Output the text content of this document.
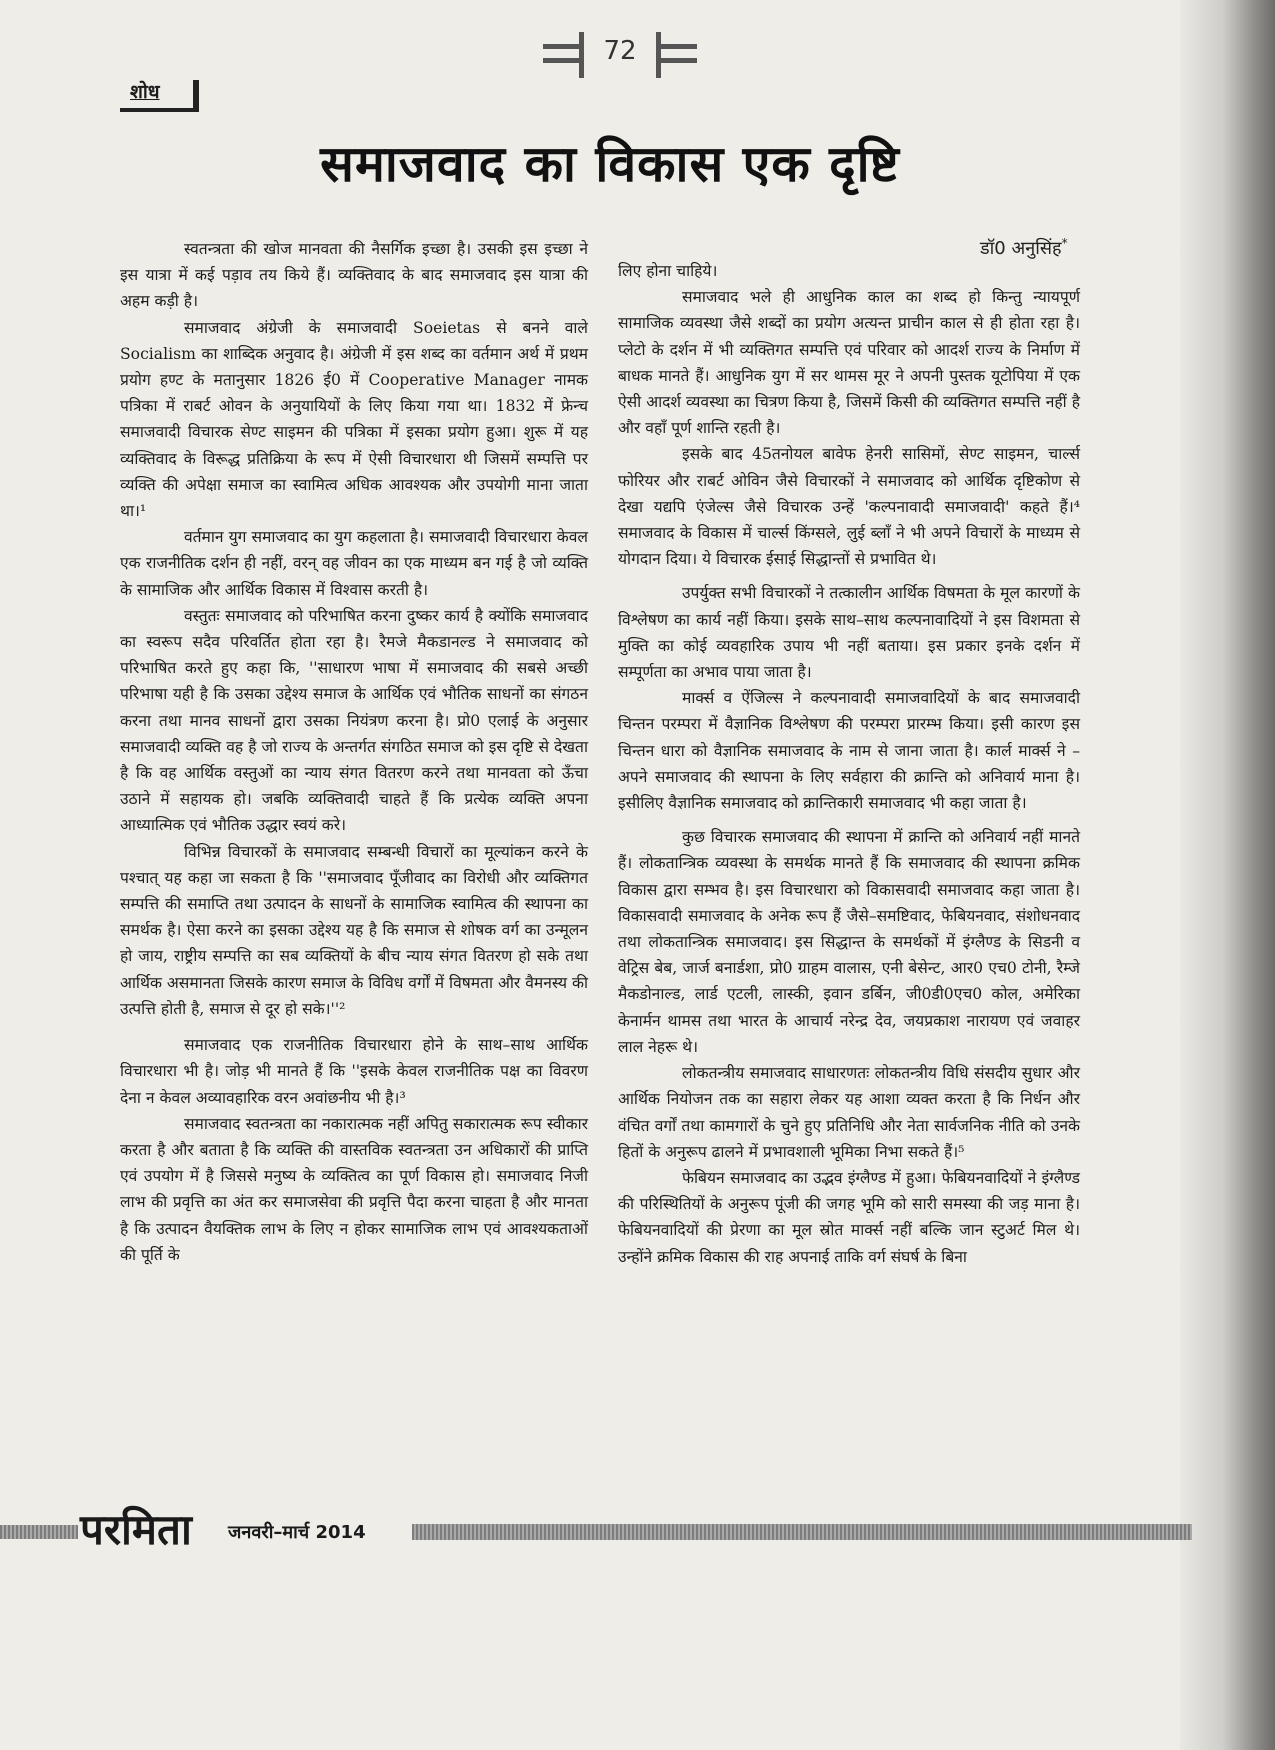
72
शोध
समाजवाद का विकास एक दृष्टि
डॉ0 अनुसिंह*

स्वतन्त्रता की खोज मानवता की नैसर्गिक इच्छा है। उसकी इस इच्छा ने इस यात्रा में कई पड़ाव तय किये हैं। व्यक्तिवाद के बाद समाजवाद इस यात्रा की अहम कड़ी है।

समाजवाद अंग्रेजी के समाजवादी Soeietas से बनने वाले Socialism का शाब्दिक अनुवाद है। अंग्रेजी में इस शब्द का वर्तमान अर्थ में प्रथम प्रयोग हण्ट के मतानुसार 1826 ई0 में Cooperative Manager नामक पत्रिका में राबर्ट ओवन के अनुयायियों के लिए किया गया था। 1832 में फ्रेन्च समाजवादी विचारक सेण्ट साइमन की पत्रिका में इसका प्रयोग हुआ। शुरू में यह व्यक्तिवाद के विरूद्ध प्रतिक्रिया के रूप में ऐसी विचारधारा थी जिसमें सम्पत्ति पर व्यक्ति की अपेक्षा समाज का स्वामित्व अधिक आवश्यक और उपयोगी माना जाता था।¹

वर्तमान युग समाजवाद का युग कहलाता है। समाजवादी विचारधारा केवल एक राजनीतिक दर्शन ही नहीं, वरन् वह जीवन का एक माध्यम बन गई है जो व्यक्ति के सामाजिक और आर्थिक विकास में विश्वास करती है।

वस्तुतः समाजवाद को परिभाषित करना दुष्कर कार्य है क्योंकि समाजवाद का स्वरूप सदैव परिवर्तित होता रहा है। रैमजे मैकडानल्ड ने समाजवाद को परिभाषित करते हुए कहा कि, ''साधारण भाषा में समाजवाद की सबसे अच्छी परिभाषा यही है कि उसका उद्देश्य समाज के आर्थिक एवं भौतिक साधनों का संगठन करना तथा मानव साधनों द्वारा उसका नियंत्रण करना है। प्रो0 एलाई के अनुसार समाजवादी व्यक्ति वह है जो राज्य के अन्तर्गत संगठित समाज को इस दृष्टि से देखता है कि वह आर्थिक वस्तुओं का न्याय संगत वितरण करने तथा मानवता को ऊँचा उठाने में सहायक हो। जबकि व्यक्तिवादी चाहते हैं कि प्रत्येक व्यक्ति अपना आध्यात्मिक एवं भौतिक उद्धार स्वयं करे।

विभिन्न विचारकों के समाजवाद सम्बन्धी विचारों का मूल्यांकन करने के पश्चात् यह कहा जा सकता है कि ''समाजवाद पूँजीवाद का विरोधी और व्यक्तिगत सम्पत्ति की समाप्ति तथा उत्पादन के साधनों के सामाजिक स्वामित्व की स्थापना का समर्थक है। ऐसा करने का इसका उद्देश्य यह है कि समाज से शोषक वर्ग का उन्मूलन हो जाय, राष्ट्रीय सम्पत्ति का सब व्यक्तियों के बीच न्याय संगत वितरण हो सके तथा आर्थिक असमानता जिसके कारण समाज के विविध वर्गों में विषमता और वैमनस्य की उत्पत्ति होती है, समाज से दूर हो सके।''²

समाजवाद एक राजनीतिक विचारधारा होने के साथ–साथ आर्थिक विचारधारा भी है। जोड़ भी मानते हैं कि ''इसके केवल राजनीतिक पक्ष का विवरण देना न केवल अव्यावहारिक वरन अवांछनीय भी है।³

समाजवाद स्वतन्त्रता का नकारात्मक नहीं अपितु सकारात्मक रूप स्वीकार करता है और बताता है कि व्यक्ति की वास्तविक स्वतन्त्रता उन अधिकारों की प्राप्ति एवं उपयोग में है जिससे मनुष्य के व्यक्तित्व का पूर्ण विकास हो। समाजवाद निजी लाभ की प्रवृत्ति का अंत कर समाजसेवा की प्रवृत्ति पैदा करना चाहता है और मानता है कि उत्पादन वैयक्तिक लाभ के लिए न होकर सामाजिक लाभ एवं आवश्यकताओं की पूर्ति के

लिए होना चाहिये।

समाजवाद भले ही आधुनिक काल का शब्द हो किन्तु न्यायपूर्ण सामाजिक व्यवस्था जैसे शब्दों का प्रयोग अत्यन्त प्राचीन काल से ही होता रहा है। प्लेटो के दर्शन में भी व्यक्तिगत सम्पत्ति एवं परिवार को आदर्श राज्य के निर्माण में बाधक मानते हैं। आधुनिक युग में सर थामस मूर ने अपनी पुस्तक यूटोपिया में एक ऐसी आदर्श व्यवस्था का चित्रण किया है, जिसमें किसी की व्यक्तिगत सम्पत्ति नहीं है और वहाँ पूर्ण शान्ति रहती है।

इसके बाद 45तनोयल बावेफ हेनरी सासिमों, सेण्ट साइमन, चार्ल्स फोरियर और राबर्ट ओविन जैसे विचारकों ने समाजवाद को आर्थिक दृष्टिकोण से देखा यद्यपि एंजेल्स जैसे विचारक उन्हें 'कल्पनावादी समाजवादी' कहते हैं।⁴ समाजवाद के विकास में चार्ल्स किंग्सले, लुई ब्लॉं ने भी अपने विचारों के माध्यम से योगदान दिया। ये विचारक ईसाई सिद्धान्तों से प्रभावित थे।

उपर्युक्त सभी विचारकों ने तत्कालीन आर्थिक विषमता के मूल कारणों के विश्लेषण का कार्य नहीं किया। इसके साथ–साथ कल्पनावादियों ने इस विशमता से मुक्ति का कोई व्यवहारिक उपाय भी नहीं बताया। इस प्रकार इनके दर्शन में सम्पूर्णता का अभाव पाया जाता है।

मार्क्स व ऐंजिल्स ने कल्पनावादी समाजवादियों के बाद समाजवादी चिन्तन परम्परा में वैज्ञानिक विश्लेषण की परम्परा प्रारम्भ किया। इसी कारण इस चिन्तन धारा को वैज्ञानिक समाजवाद के नाम से जाना जाता है। कार्ल मार्क्स ने – अपने समाजवाद की स्थापना के लिए सर्वहारा की क्रान्ति को अनिवार्य माना है। इसीलिए वैज्ञानिक समाजवाद को क्रान्तिकारी समाजवाद भी कहा जाता है।

कुछ विचारक समाजवाद की स्थापना में क्रान्ति को अनिवार्य नहीं मानते हैं। लोकतान्त्रिक व्यवस्था के समर्थक मानते हैं कि समाजवाद की स्थापना क्रमिक विकास द्वारा सम्भव है। इस विचारधारा को विकासवादी समाजवाद कहा जाता है। विकासवादी समाजवाद के अनेक रूप हैं जैसे–समष्टिवाद, फेबियनवाद, संशोधनवाद तथा लोकतान्त्रिक समाजवाद। इस सिद्धान्त के समर्थकों में इंग्लैण्ड के सिडनी व वेट्रिस बेब, जार्ज बनार्डशा, प्रो0 ग्राहम वालास, एनी बेसेन्ट, आर0 एच0 टोनी, रैम्जे मैकडोनाल्ड, लार्ड एटली, लास्की, इवान डर्बिन, जी0डी0एच0 कोल, अमेरिका केनार्मन थामस तथा भारत के आचार्य नरेन्द्र देव, जयप्रकाश नारायण एवं जवाहर लाल नेहरू थे।

लोकतन्त्रीय समाजवाद साधारणतः लोकतन्त्रीय विधि संसदीय सुधार और आर्थिक नियोजन तक का सहारा लेकर यह आशा व्यक्त करता है कि निर्धन और वंचित वर्गों तथा कामगारों के चुने हुए प्रतिनिधि और नेता सार्वजनिक नीति को उनके हितों के अनुरूप ढालने में प्रभावशाली भूमिका निभा सकते हैं।⁵

फेबियन समाजवाद का उद्भव इंग्लैण्ड में हुआ। फेबियनवादियों ने इंग्लैण्ड की परिस्थितियों के अनुरूप पूंजी की जगह भूमि को सारी समस्या की जड़ माना है। फेबियनवादियों की प्रेरणा का मूल स्रोत मार्क्स नहीं बल्कि जान स्टुअर्ट मिल थे। उन्होंने क्रमिक विकास की राह अपनाई ताकि वर्ग संघर्ष के बिना

परमिता जनवरी–मार्च 2014
